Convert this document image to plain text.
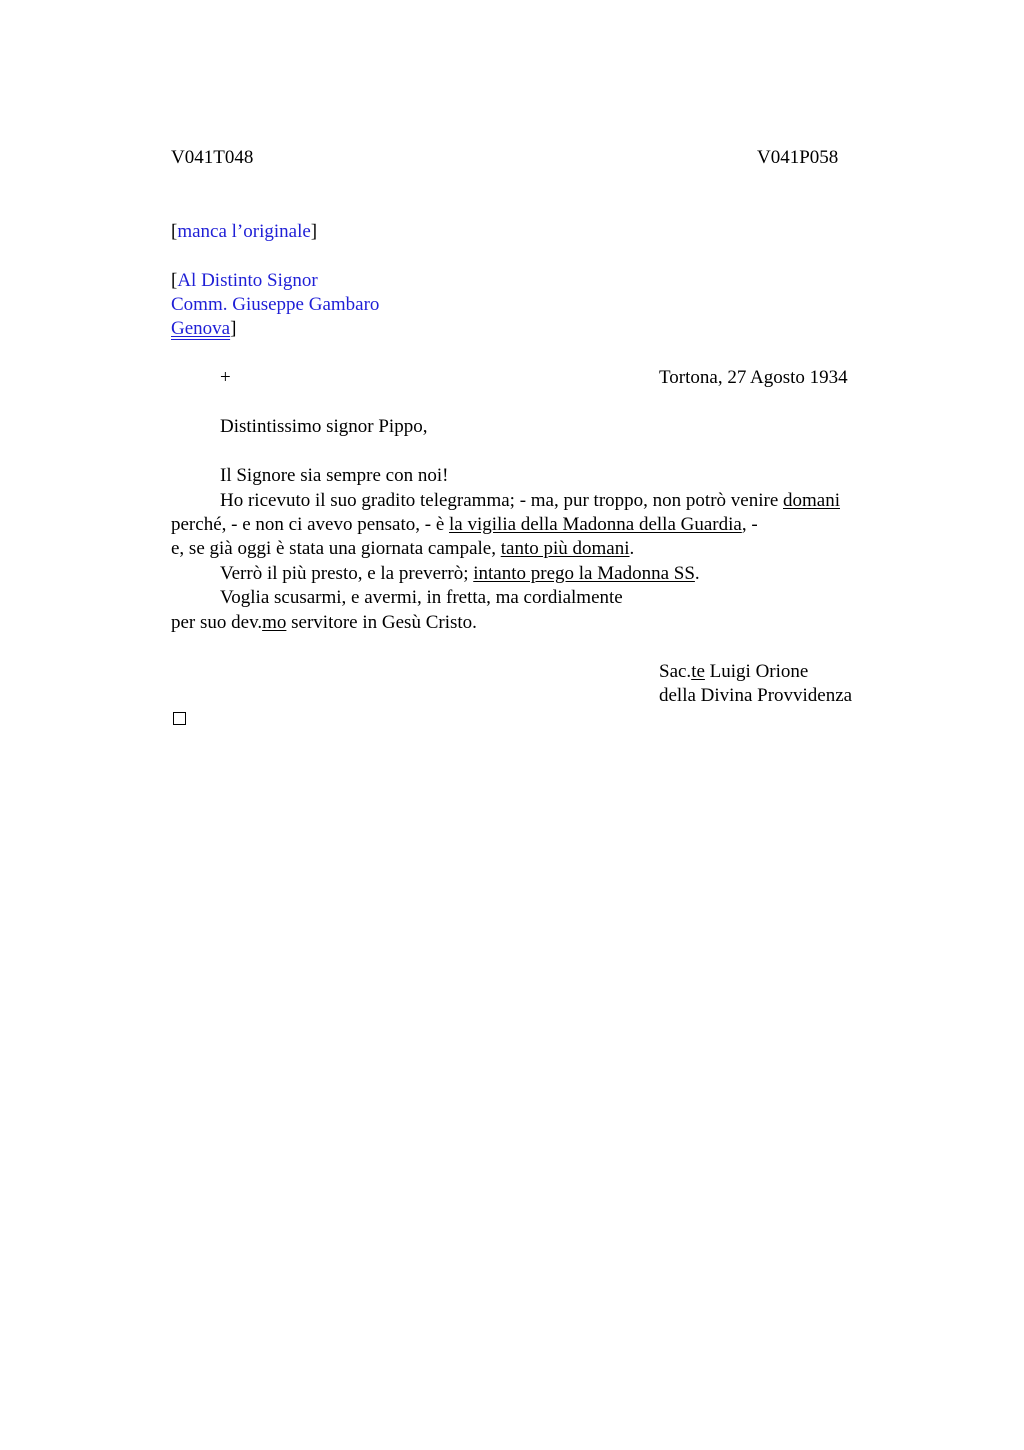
V041T048	V041P058
[manca l’originale]
[Al Distinto Signor
Comm. Giuseppe Gambaro
Genova]
+	Tortona, 27 Agosto 1934
Distintissimo signor Pippo,
Il Signore sia sempre con noi!
Ho ricevuto il suo gradito telegramma; - ma, pur troppo, non potrò venire domani
perché, - e non ci avevo pensato, - è la vigilia della Madonna della Guardia, -
e, se già oggi è stata una giornata campale, tanto più domani.
Verrò il più presto, e la preverrò; intanto prego la Madonna SS.
Voglia scusarmi, e avermi, in fretta, ma cordialmente
per suo dev.mo servitore in Gesù Cristo.
Sac.te Luigi Orione
della Divina Provvidenza
